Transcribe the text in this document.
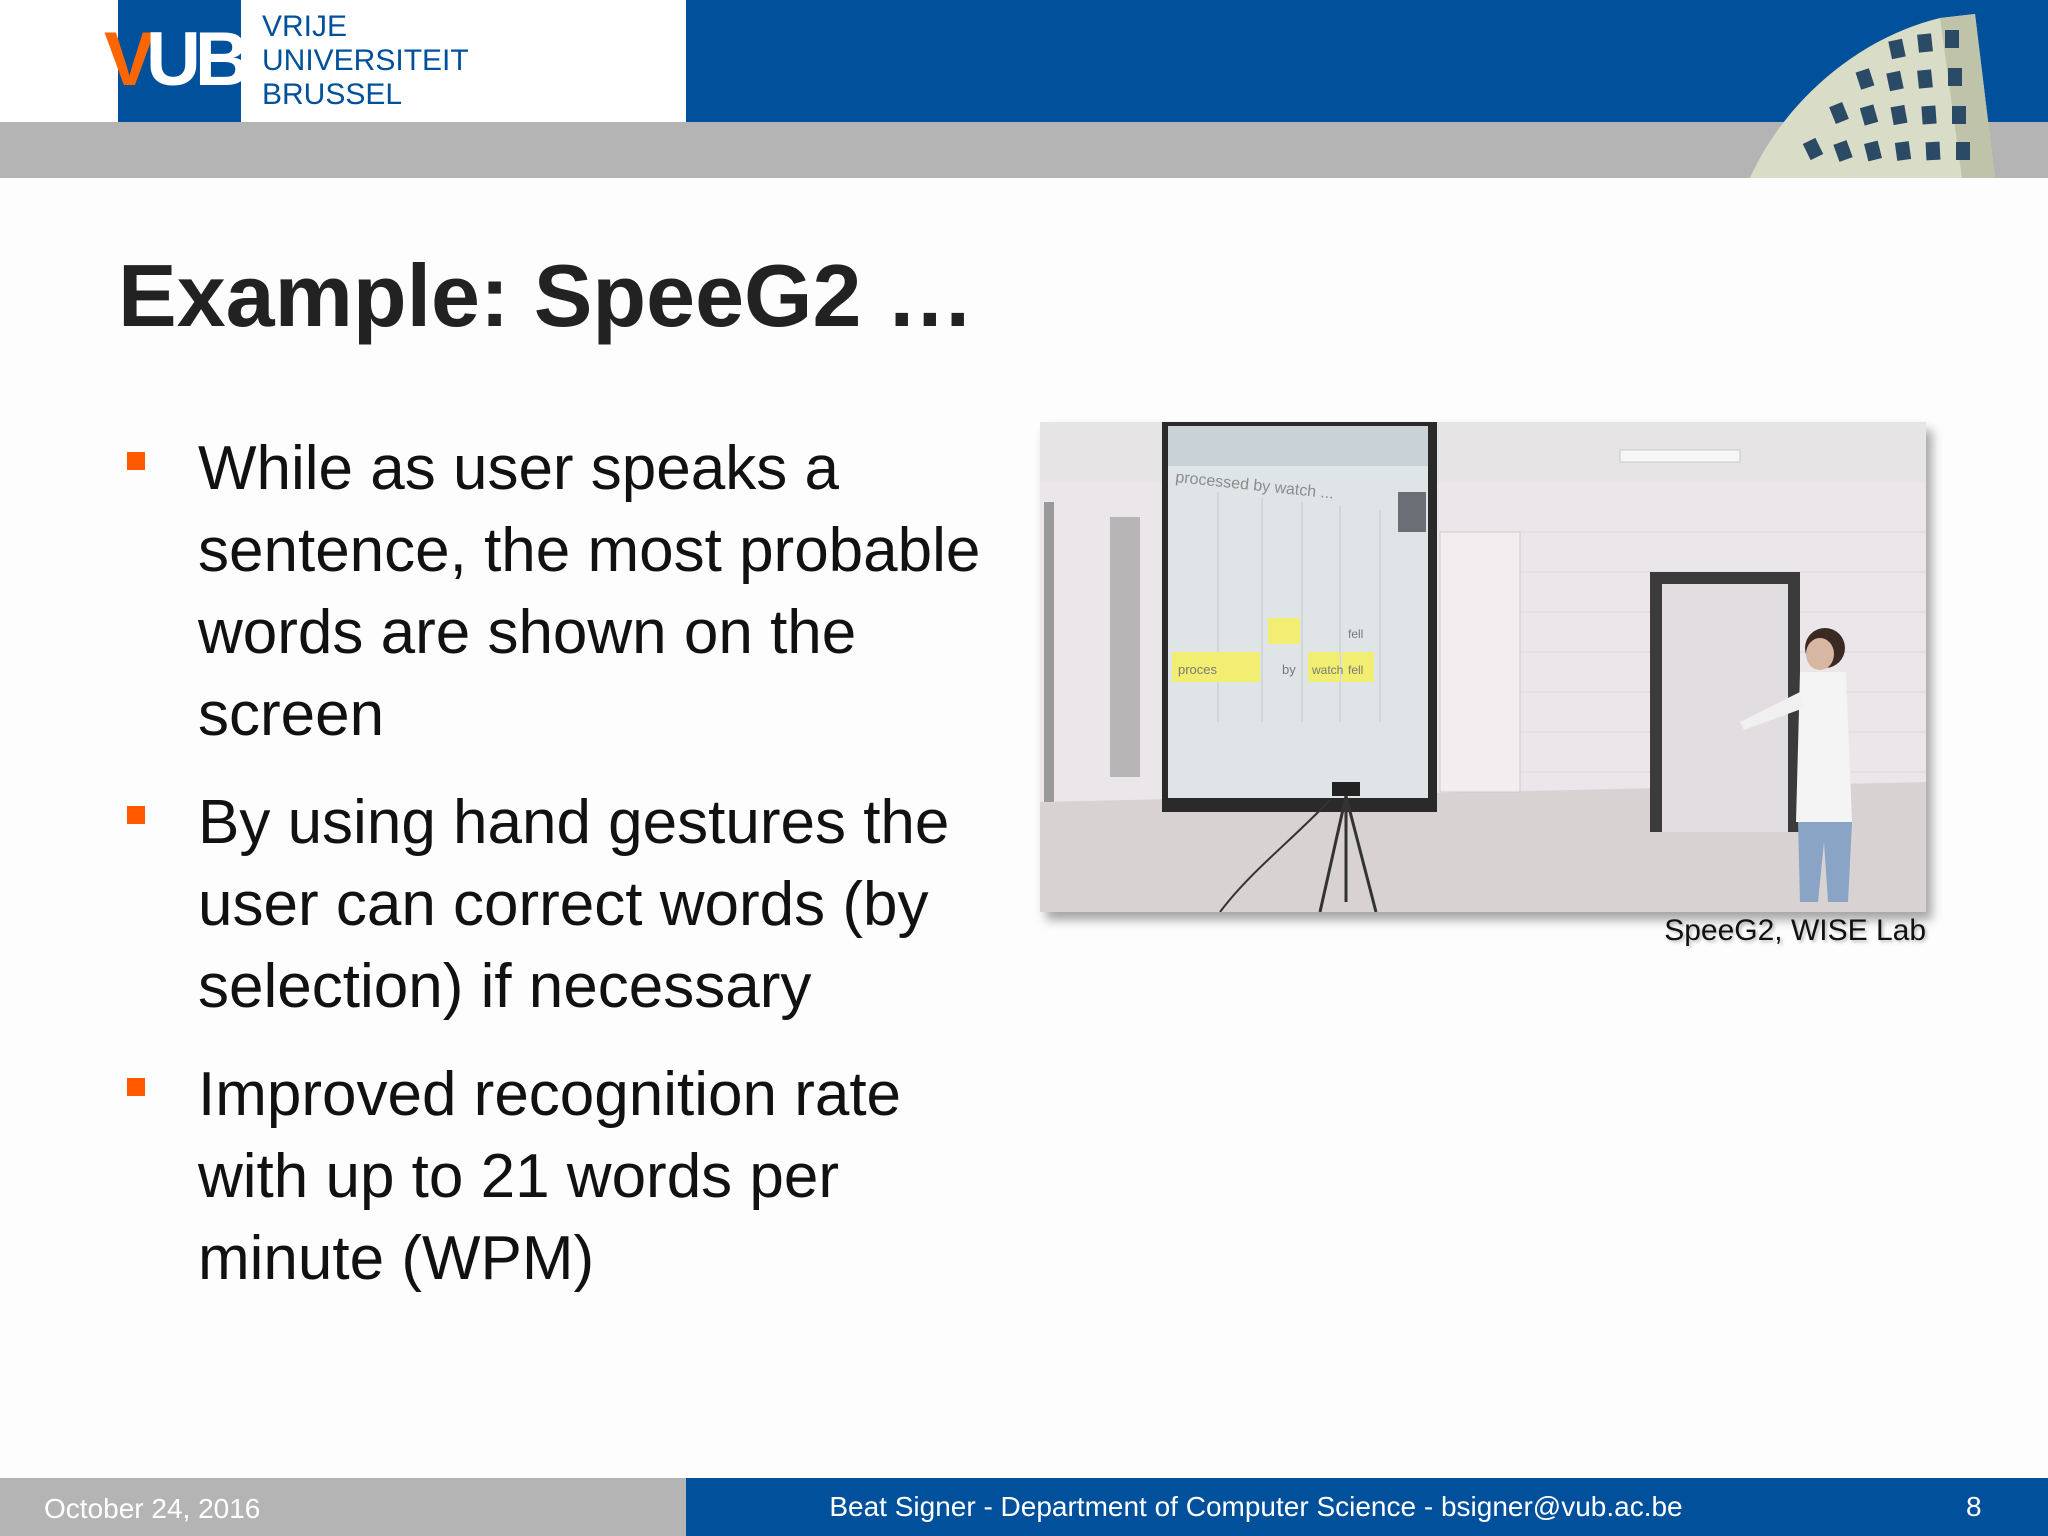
V
UB VRIJE
UNIVERSITEIT
BRUSSEL
Example: SpeeG2 …
While as user speaks a sentence, the most probable words are shown on the screen
By using hand gestures the user can correct words (by selection) if necessary
Improved recognition rate with up to 21 words per minute (WPM)
processed by watch ...
proces	by watch fell
fell
SpeeG2, WISE Lab
October 24, 2016	Beat Signer - Department of Computer Science - bsigner@vub.ac.be	8
